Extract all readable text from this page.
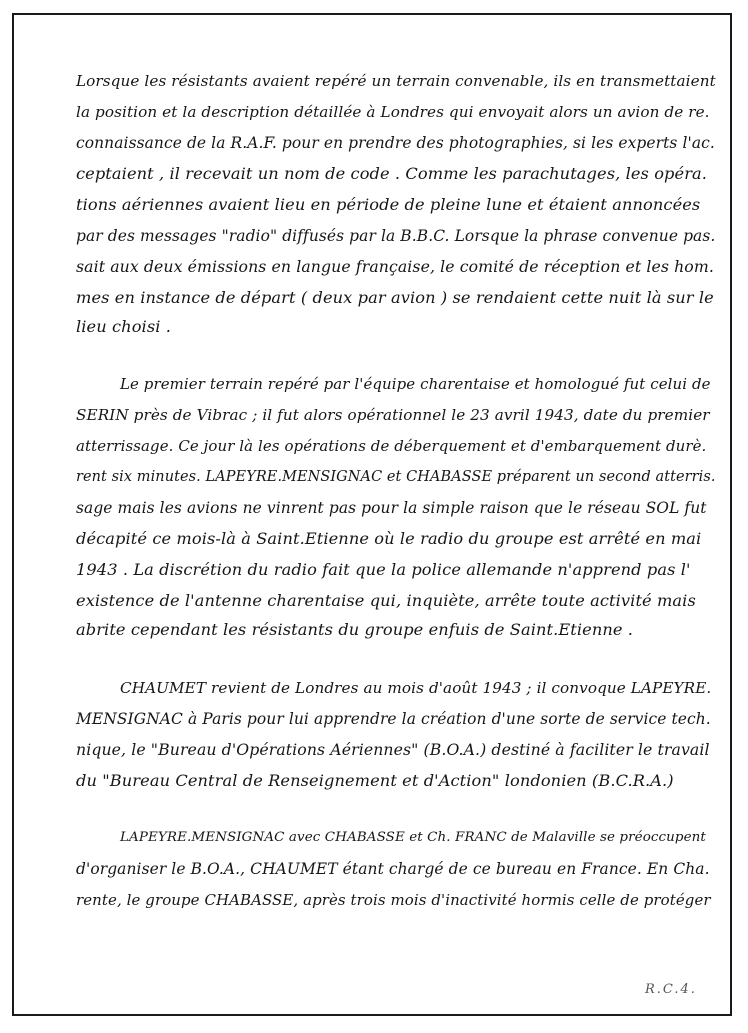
Lorsque les résistants avaient repéré un terrain convenable, ils en transmettaient
la position et la description détaillée à Londres qui envoyait alors un avion de re.
connaissance de la R.A.F. pour en prendre des photographies, si les experts l'ac.
ceptaient , il recevait un nom de code . Comme les parachutages, les opéra.
tions aériennes avaient lieu en période de pleine lune et étaient annoncées
par des messages "radio" diffusés par la B.B.C. Lorsque la phrase convenue pas.
sait aux deux émissions en langue française, le comité de réception et les hom.
mes en instance de départ ( deux par avion ) se rendaient cette nuit là sur le
lieu choisi .
Le premier terrain repéré par l'équipe charentaise et homologué fut celui de
SERIN près de Vibrac ; il fut alors opérationnel le 23 avril 1943, date du premier
atterrissage. Ce jour là les opérations de déberquement et d'embarquement durè.
rent six minutes. LAPEYRE.MENSIGNAC et CHABASSE préparent un second atterris.
sage mais les avions ne vinrent pas pour la simple raison que le réseau SOL fut
décapité ce mois-là à Saint.Etienne où le radio du groupe est arrêté en mai
1943 . La discrétion du radio fait que la police allemande n'apprend pas l'
existence de l'antenne charentaise qui, inquiète, arrête toute activité mais
abrite cependant les résistants du groupe enfuis de Saint.Etienne .
CHAUMET revient de Londres au mois d'août 1943 ; il convoque LAPEYRE.
MENSIGNAC à Paris pour lui apprendre la création d'une sorte de service tech.
nique, le "Bureau d'Opérations Aériennes" (B.O.A.) destiné à faciliter le travail
du "Bureau Central de Renseignement et d'Action" londonien (B.C.R.A.)
LAPEYRE.MENSIGNAC avec CHABASSE et Ch. FRANC de Malaville se préoccupent
d'organiser le B.O.A., CHAUMET étant chargé de ce bureau en France. En Cha.
rente, le groupe CHABASSE, après trois mois d'inactivité hormis celle de protéger
R.C.4.
